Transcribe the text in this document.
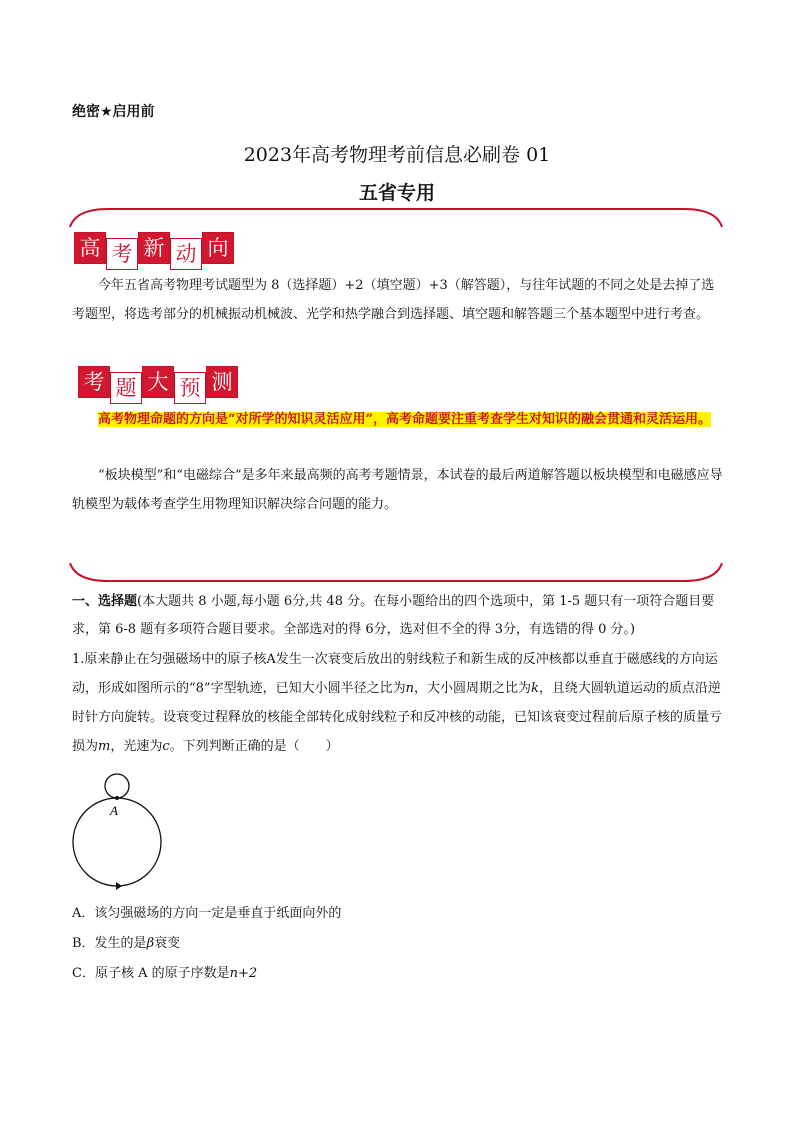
绝密★启用前
2023年高考物理考前信息必刷卷 01
五省专用
高 考 新 动 向
今年五省高考物理考试题型为 8（选择题）+2（填空题）+3（解答题），与往年试题的不同之处是去掉了选考题型，将选考部分的机械振动机械波、光学和热学融合到选择题、填空题和解答题三个基本题型中进行考查。
考 题 大 预 测
高考物理命题的方向是“对所学的知识灵活应用”，高考命题要注重考查学生对知识的融会贯通和灵活运用。
“板块模型”和“电磁综合”是多年来最高频的高考考题情景，本试卷的最后两道解答题以板块模型和电磁感应导轨模型为载体考查学生用物理知识解决综合问题的能力。
一、选择题(本大题共 8 小题,每小题 6分,共 48 分。在每小题给出的四个选项中，第 1-5 题只有一项符合题目要求，第 6-8 题有多项符合题目要求。全部选对的得 6分，选对但不全的得 3分，有选错的得 0 分。)
1.原来静止在匀强磁场中的原子核A发生一次衰变后放出的射线粒子和新生成的反冲核都以垂直于磁感线的方向运动，形成如图所示的“8”字型轨迹，已知大小圆半径之比为n，大小圆周期之比为k，且绕大圆轨道运动的质点沿逆时针方向旋转。设衰变过程释放的核能全部转化成射线粒子和反冲核的动能，已知该衰变过程前后原子核的质量亏损为m，光速为c。下列判断正确的是（　　）
A
A．该匀强磁场的方向一定是垂直于纸面向外的
B．发生的是β衰变
C．原子核 A 的原子序数是n+2
